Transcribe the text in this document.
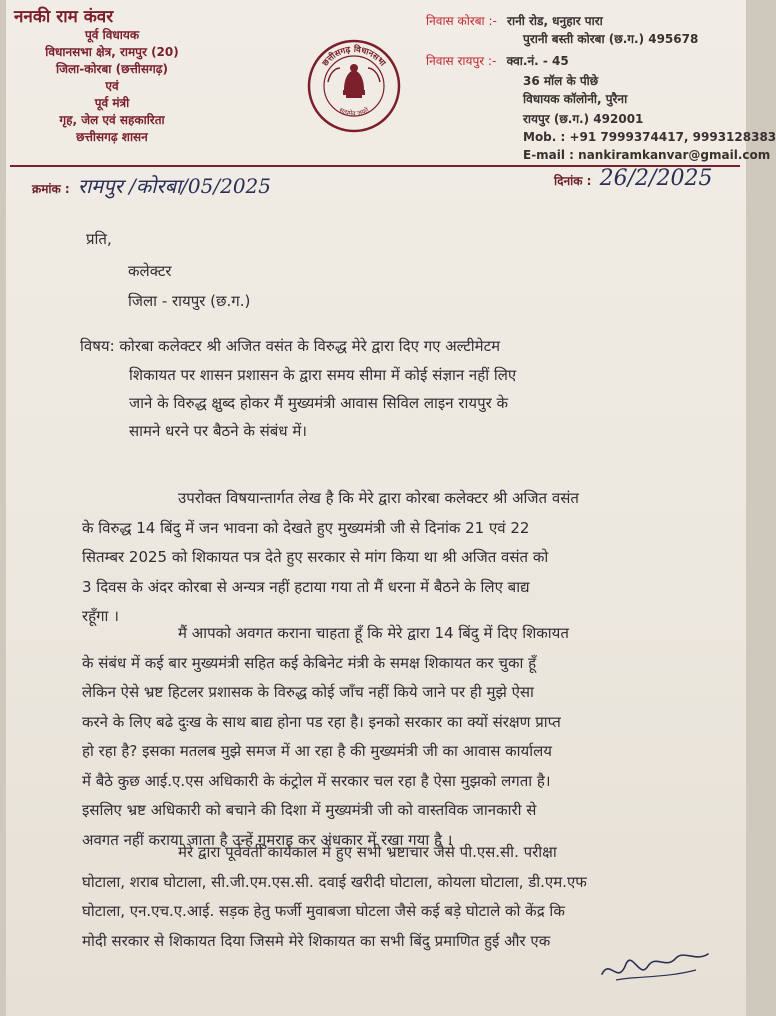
ननकी राम कंवर
पूर्व विधायक
विधानसभा क्षेत्र, रामपुर (20)
जिला-कोरबा (छत्तीसगढ़)
एवं
पूर्व मंत्री
गृह, जेल एवं सहकारिता
छत्तीसगढ़ शासन
छत्तीसगढ़ विधानसभा
सत्यमेव जयते
निवास कोरबा :- रानी रोड, धनुहार पारा
पुरानी बस्ती कोरबा (छ.ग.) 495678
निवास रायपुर :- क्वा.नं. - 45
36 मॉल के पीछे
विधायक कॉलोनी, पुरैना
रायपुर (छ.ग.) 492001
Mob. : +91 7999374417, 9993128383
E-mail : nankiramkanvar@gmail.com
क्रमांक : रामपुर /कोरबा/05/2025	दिनांक : 26/2/2025
प्रति,
कलेक्टर
जिला - रायपुर (छ.ग.)
विषय: कोरबा कलेक्टर श्री अजित वसंत के विरुद्ध मेरे द्वारा दिए गए अल्टीमेटम
शिकायत पर शासन प्रशासन के द्वारा समय सीमा में कोई संज्ञान नहीं लिए
जाने के विरुद्ध क्षुब्द होकर मैं मुख्यमंत्री आवास सिविल लाइन रायपुर के
सामने धरने पर बैठने के संबंध में।
उपरोक्त विषयान्तार्गत लेख है कि मेरे द्वारा कोरबा कलेक्टर श्री अजित वसंत
के विरुद्ध 14 बिंदु में जन भावना को देखते हुए मुख्यमंत्री जी से दिनांक 21 एवं 22
सितम्बर 2025 को शिकायत पत्र देते हुए सरकार से मांग किया था श्री अजित वसंत को
3 दिवस के अंदर कोरबा से अन्यत्र नहीं हटाया गया तो मैं धरना में बैठने के लिए बाद्य
रहूँगा ।
मैं आपको अवगत कराना चाहता हूँ कि मेरे द्वारा 14 बिंदु में दिए शिकायत
के संबंध में कई बार मुख्यमंत्री सहित कई केबिनेट मंत्री के समक्ष शिकायत कर चुका हूँ
लेकिन ऐसे भ्रष्ट हिटलर प्रशासक के विरुद्ध कोई जाँच नहीं किये जाने पर ही मुझे ऐसा
करने के लिए बढे दुःख के साथ बाद्य होना पड रहा है। इनको सरकार का क्यों संरक्षण प्राप्त
हो रहा है? इसका मतलब मुझे समज में आ रहा है की मुख्यमंत्री जी का आवास कार्यालय
में बैठे कुछ आई.ए.एस अधिकारी के कंट्रोल में सरकार चल रहा है ऐसा मुझको लगता है।
इसलिए भ्रष्ट अधिकारी को बचाने की दिशा में मुख्यमंत्री जी को वास्तविक जानकारी से
अवगत नहीं कराया जाता है उन्हें गुमराह कर अंधकार में रखा गया है ।
मेरे द्वारा पूर्ववर्ती कार्यकाल में हुए सभी भ्रष्टाचार जैसे पी.एस.सी. परीक्षा
घोटाला, शराब घोटाला, सी.जी.एम.एस.सी. दवाई खरीदी घोटाला, कोयला घोटाला, डी.एम.एफ
घोटाला, एन.एच.ए.आई. सड़क हेतु फर्जी मुवाबजा घोटला जैसे कई बड़े घोटाले को केंद्र कि
मोदी सरकार से शिकायत दिया जिसमे मेरे शिकायत का सभी बिंदु प्रमाणित हुई और एक
